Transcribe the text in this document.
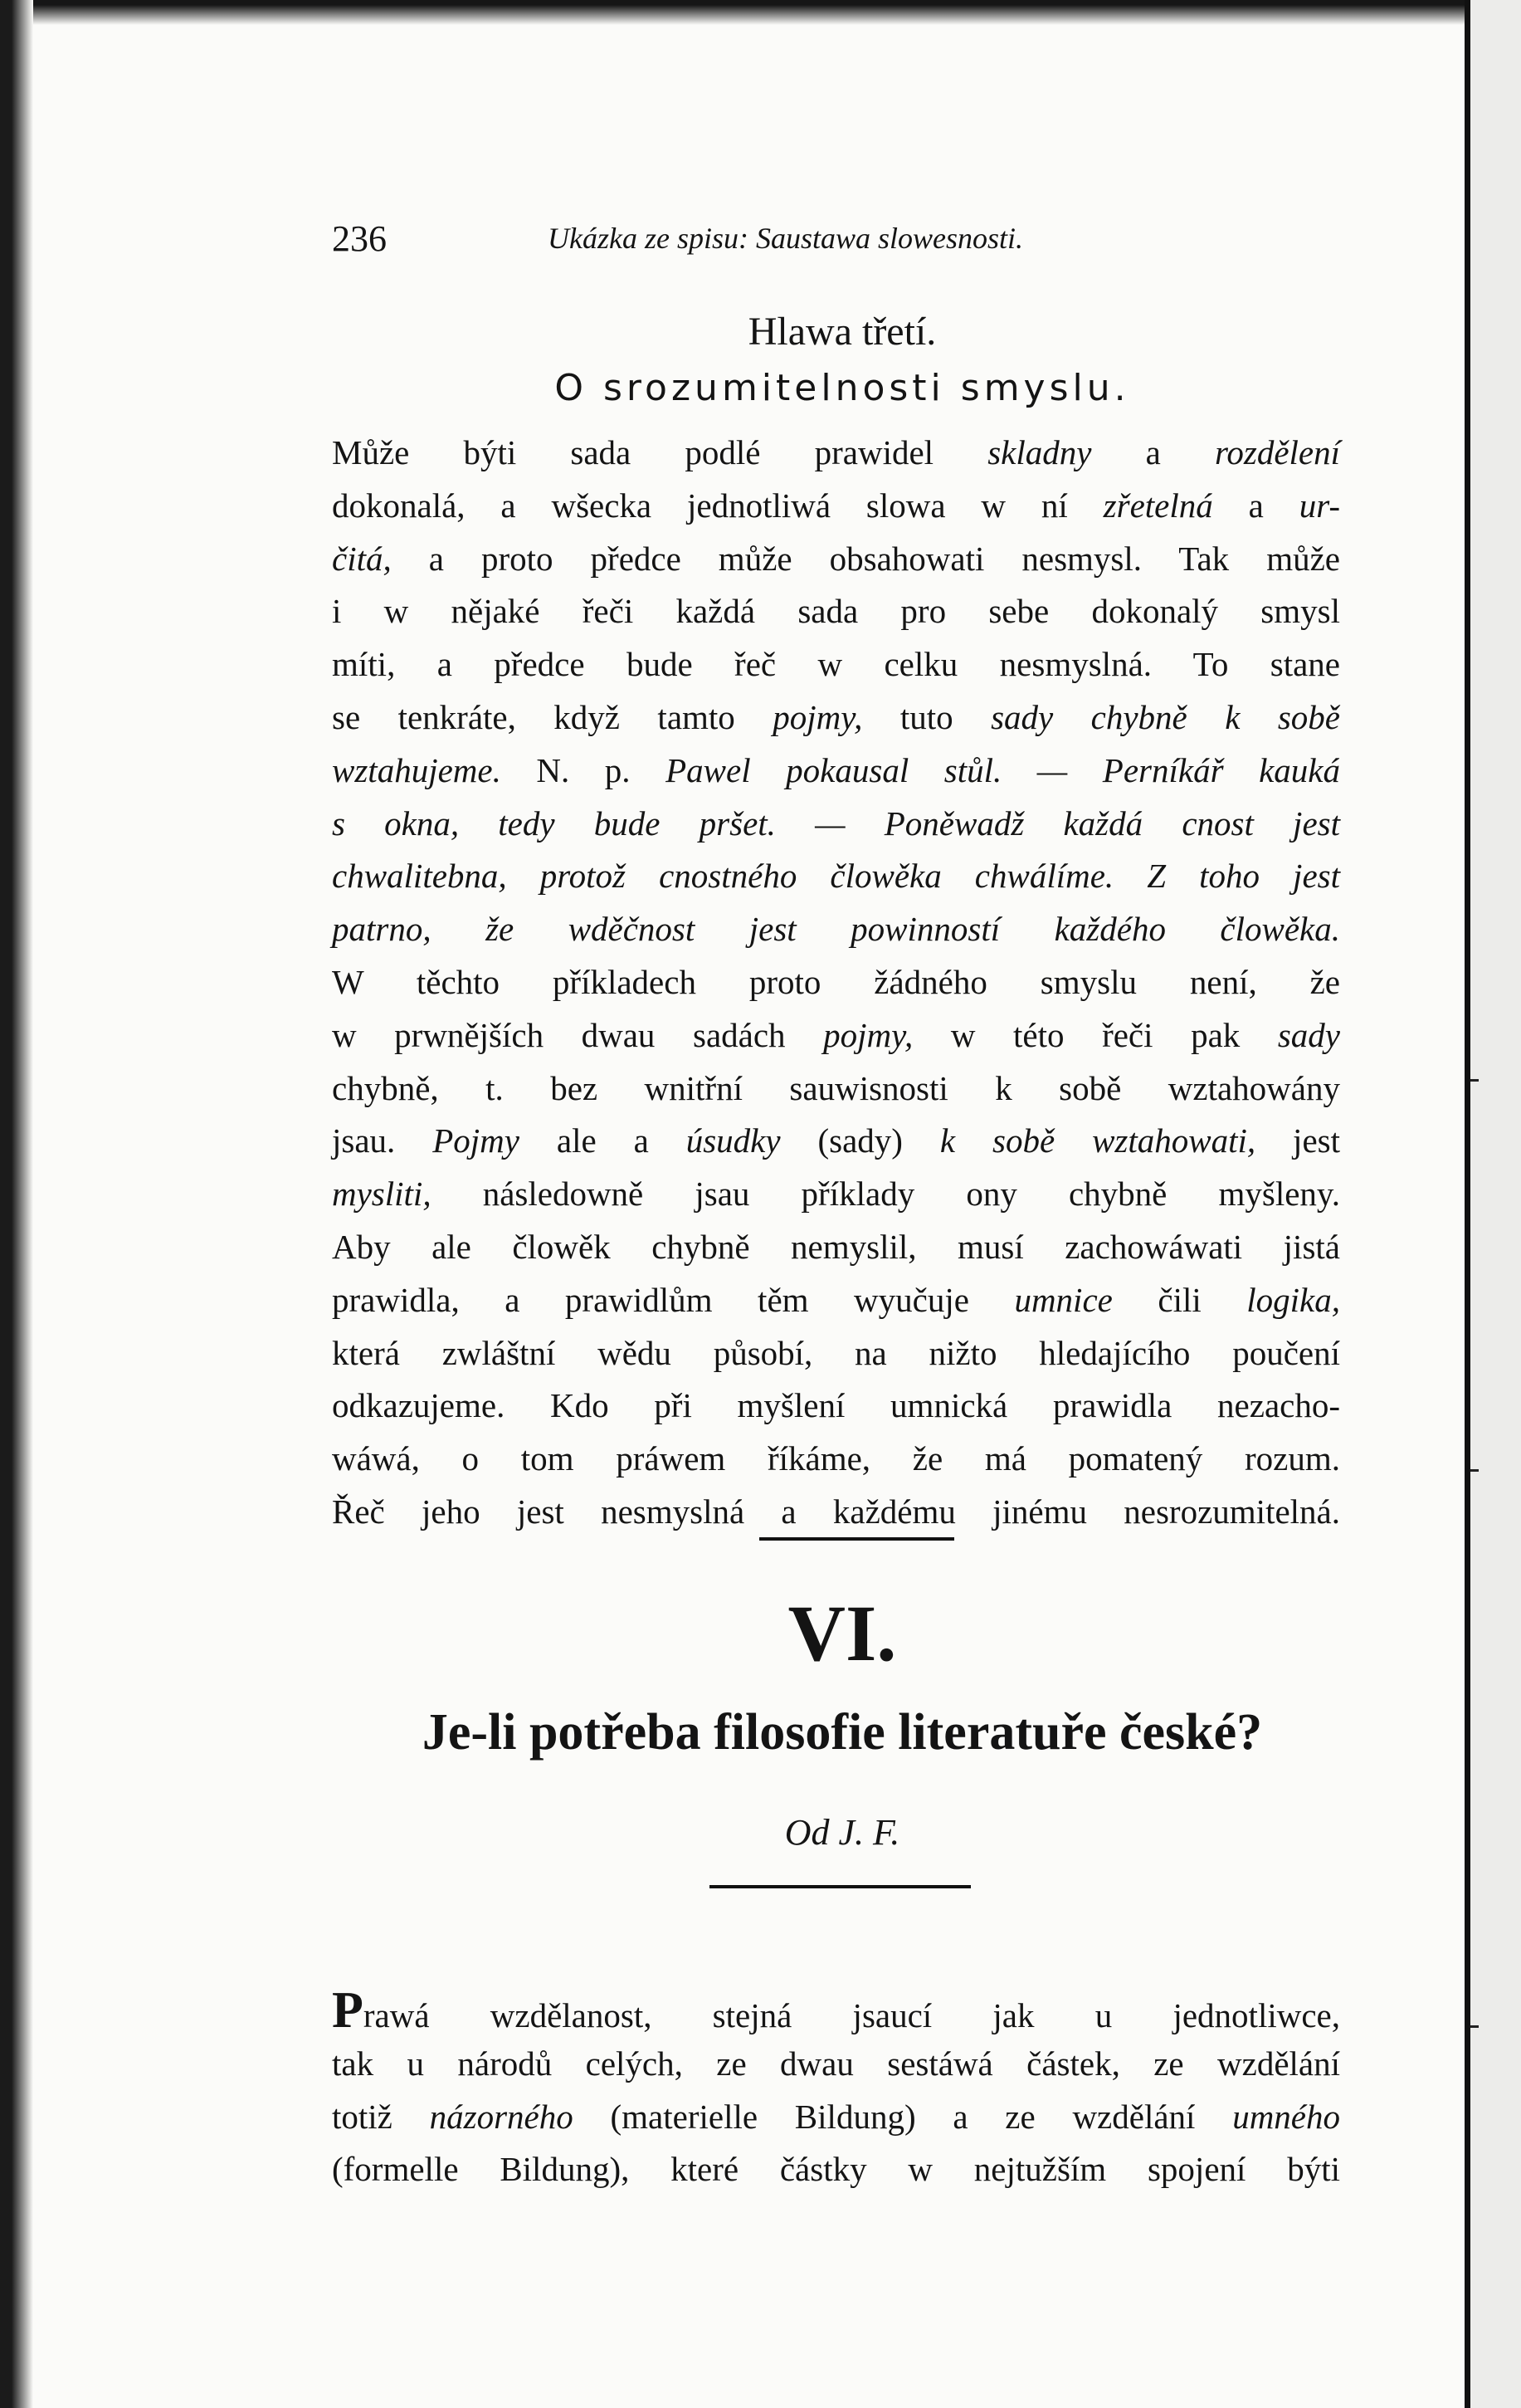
236	Ukázka ze spisu: Saustawa slowesnosti.
Hlawa třetí.
O srozumitelnosti smyslu.
Může býti sada podlé prawidel skladny a rozdělení
dokonalá, a wšecka jednotliwá slowa w ní zřetelná a ur-
čitá, a proto předce může obsahowati nesmysl. Tak může
i w nějaké řeči každá sada pro sebe dokonalý smysl
míti, a předce bude řeč w celku nesmyslná. To stane
se tenkráte, když tamto pojmy, tuto sady chybně k sobě
wztahujeme. N. p. Pawel pokausal stůl. — Perníkář kauká
s okna, tedy bude pršet. — Poněwadž každá cnost jest
chwalitebna, protož cnostného člowěka chwálíme. Z toho jest
patrno, že wděčnost jest powinností každého člowěka.
W těchto příkladech proto žádného smyslu není, že
w prwnějších dwau sadách pojmy, w této řeči pak sady
chybně, t. bez wnitřní sauwisnosti k sobě wztahowány
jsau. Pojmy ale a úsudky (sady) k sobě wztahowati, jest
mysliti, následowně jsau příklady ony chybně myšleny.
Aby ale člowěk chybně nemyslil, musí zachowáwati jistá
prawidla, a prawidlům těm wyučuje umnice čili logika,
která zwláštní wědu působí, na nižto hledajícího poučení
odkazujeme. Kdo při myšlení umnická prawidla nezacho-
wáwá, o tom práwem říkáme, že má pomatený rozum.
Řeč jeho jest nesmyslná a každému jinému nesrozumitelná.
VI.
Je-li potřeba filosofie literatuře české?
Od J. F.
Prawá wzdělanost, stejná jsaucí jak u jednotliwce,
tak u národů celých, ze dwau sestáwá částek, ze wzdělání
totiž názorného (materielle Bildung) a ze wzdělání umného
(formelle Bildung), které částky w nejtužším spojení býti
